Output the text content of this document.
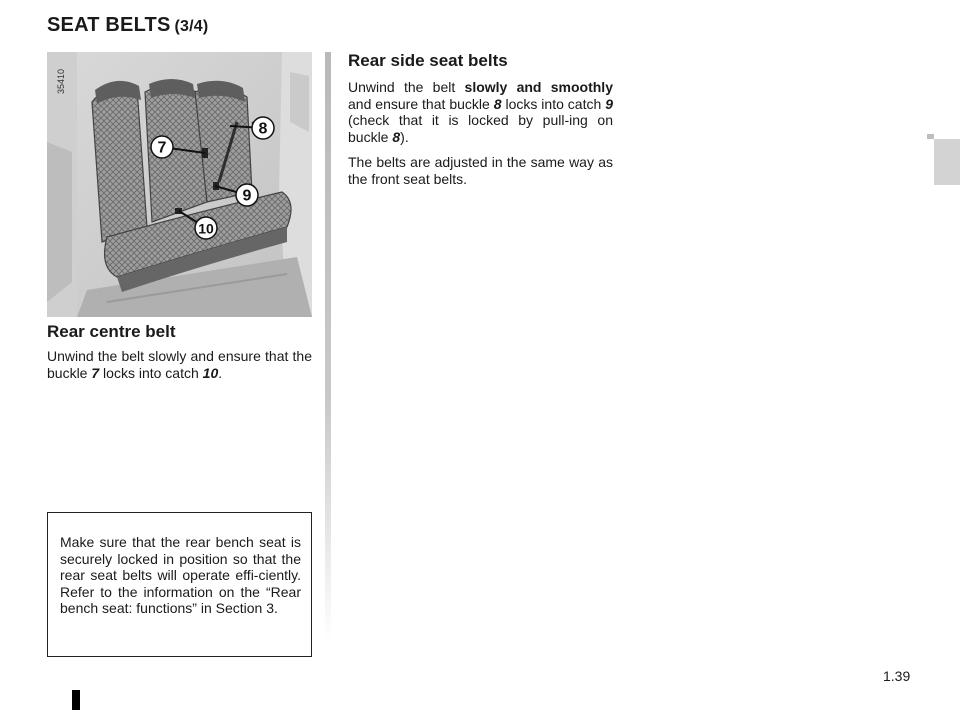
SEAT BELTS (3/4)
35410
7
8
9
10
Rear centre belt
Unwind the belt slowly and ensure that the buckle 7 locks into catch 10.
Make sure that the rear bench seat is securely locked in position so that the rear seat belts will operate effi-ciently. Refer to the information on the “Rear bench seat: functions” in Section 3.
Rear side seat belts
Unwind the belt slowly and smoothly and ensure that buckle 8 locks into catch 9 (check that it is locked by pull-ing on buckle 8).
The belts are adjusted in the same way as the front seat belts.
1.39
